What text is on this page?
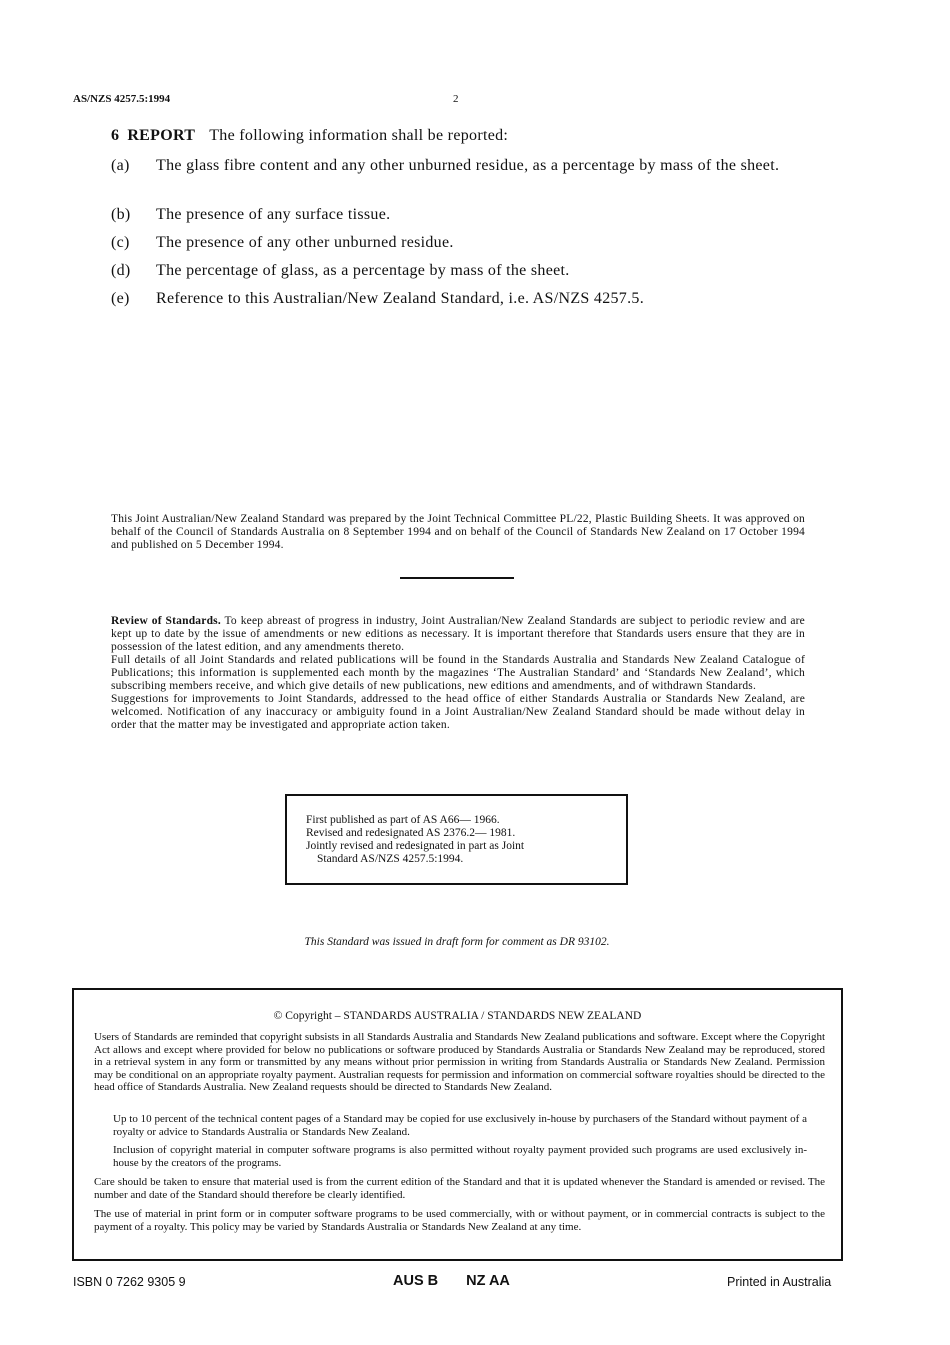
AS/NZS 4257.5:1994	2
6 REPORT The following information shall be reported:
(a) The glass fibre content and any other unburned residue, as a percentage by mass of the sheet.
(b) The presence of any surface tissue.
(c) The presence of any other unburned residue.
(d) The percentage of glass, as a percentage by mass of the sheet.
(e) Reference to this Australian/New Zealand Standard, i.e. AS/NZS 4257.5.
This Joint Australian/New Zealand Standard was prepared by the Joint Technical Committee PL/22, Plastic Building Sheets. It was approved on behalf of the Council of Standards Australia on 8 September 1994 and on behalf of the Council of Standards New Zealand on 17 October 1994 and published on 5 December 1994.

Review of Standards. To keep abreast of progress in industry, Joint Australian/New Zealand Standards are subject to periodic review and are kept up to date by the issue of amendments or new editions as necessary. It is important therefore that Standards users ensure that they are in possession of the latest edition, and any amendments thereto.

Full details of all Joint Standards and related publications will be found in the Standards Australia and Standards New Zealand Catalogue of Publications; this information is supplemented each month by the magazines ‘The Australian Standard’ and ‘Standards New Zealand’, which subscribing members receive, and which give details of new publications, new editions and amendments, and of withdrawn Standards.

Suggestions for improvements to Joint Standards, addressed to the head office of either Standards Australia or Standards New Zealand, are welcomed. Notification of any inaccuracy or ambiguity found in a Joint Australian/New Zealand Standard should be made without delay in order that the matter may be investigated and appropriate action taken.

First published as part of AS A66— 1966.
Revised and redesignated AS 2376.2— 1981.
Jointly revised and redesignated in part as Joint
Standard AS/NZS 4257.5:1994.
This Standard was issued in draft form for comment as DR 93102.
© Copyright – STANDARDS AUSTRALIA / STANDARDS NEW ZEALAND
Users of Standards are reminded that copyright subsists in all Standards Australia and Standards New Zealand publications and software. Except where the Copyright Act allows and except where provided for below no publications or software produced by Standards Australia or Standards New Zealand may be reproduced, stored in a retrieval system in any form or transmitted by any means without prior permission in writing from Standards Australia or Standards New Zealand. Permission may be conditional on an appropriate royalty payment. Australian requests for permission and information on commercial software royalties should be directed to the head office of Standards Australia. New Zealand requests should be directed to Standards New Zealand.
Up to 10 percent of the technical content pages of a Standard may be copied for use exclusively in-house by purchasers of the Standard without payment of a royalty or advice to Standards Australia or Standards New Zealand.
Inclusion of copyright material in computer software programs is also permitted without royalty payment provided such programs are used exclusively in-house by the creators of the programs.
Care should be taken to ensure that material used is from the current edition of the Standard and that it is updated whenever the Standard is amended or revised. The number and date of the Standard should therefore be clearly identified.
The use of material in print form or in computer software programs to be used commercially, with or without payment, or in commercial contracts is subject to the payment of a royalty. This policy may be varied by Standards Australia or Standards New Zealand at any time.
ISBN 0 7262 9305 9	AUS B NZ AA	Printed in Australia
